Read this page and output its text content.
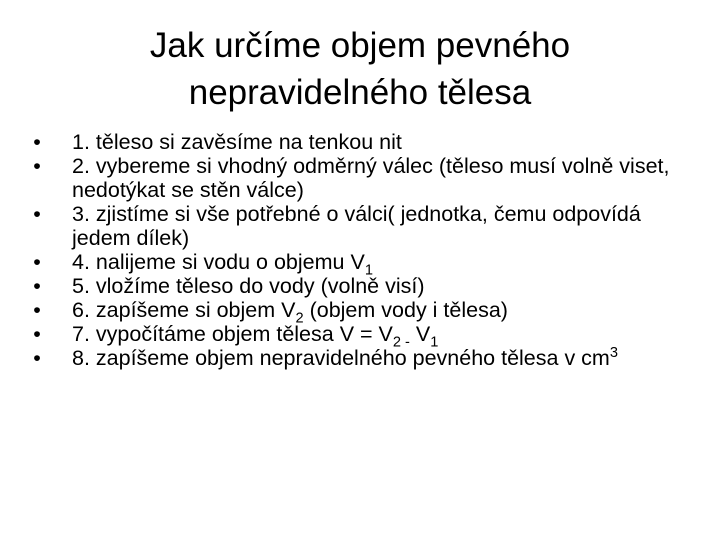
Jak určíme objem pevného
nepravidelného tělesa
• 1. těleso si zavěsíme na tenkou nit
• 2. vybereme si vhodný odměrný válec (těleso musí volně viset, nedotýkat se stěn válce)
• 3. zjistíme si vše potřebné o válci( jednotka, čemu odpovídá jedem dílek)
• 4. nalijeme si vodu o objemu $V_1$
• 5. vložíme těleso do vody (volně visí)
• 6. zapíšeme si objem $V_2$ (objem vody i tělesa)
• 7. vypočítáme objem tělesa $V = V_{2 -}$ $V_1$
• 8. zapíšeme objem nepravidelného pevného tělesa v $cm^3$
